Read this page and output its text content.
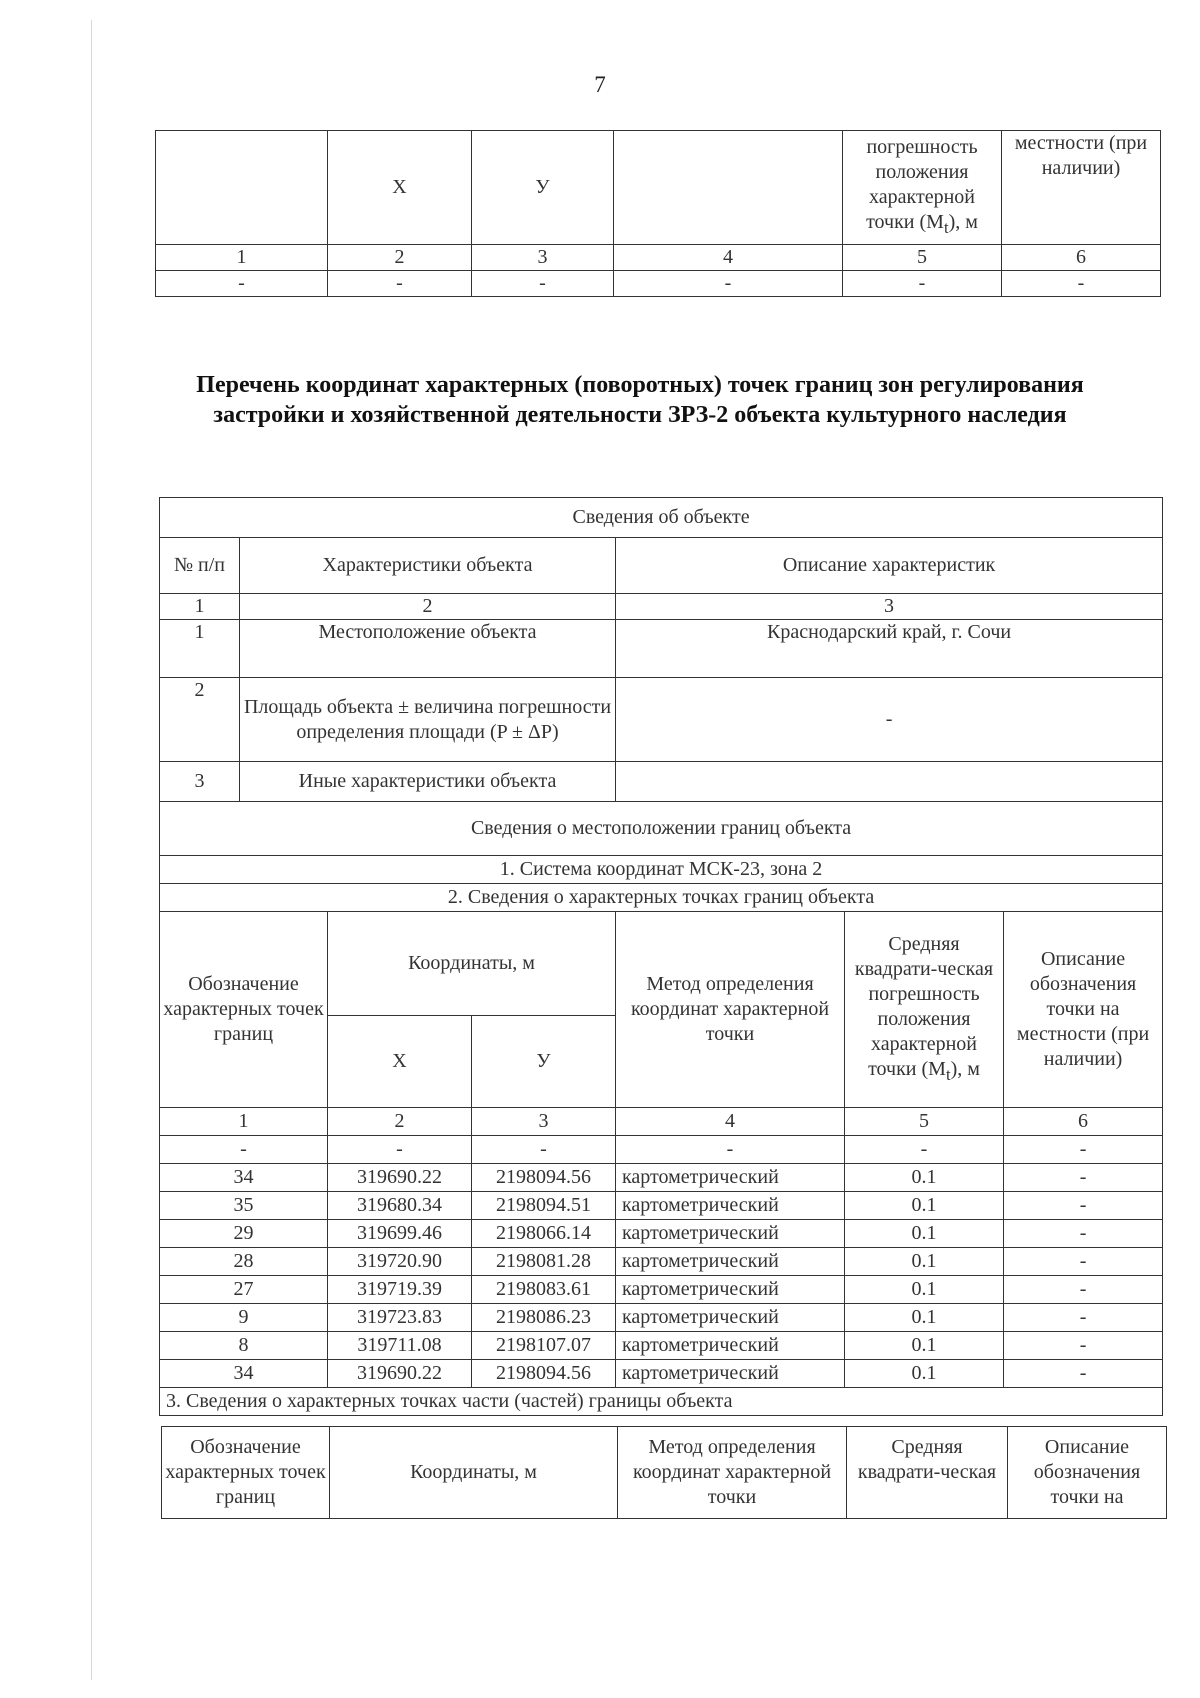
7
	Х	У		погрешность положения характерной точки $(M_t)$, м	местности (при наличии)
1	2	3	4	5	6
-	-	-	-	-	-
Перечень координат характерных (поворотных) точек границ зон регулирования застройки и хозяйственной деятельности ЗРЗ-2 объекта культурного наследия
Сведения об объекте						
№ п/п	Характеристики объекта			Описание характеристик		
1	2			3		
1	Местоположение объекта			Краснодарский край, г. Сочи		
2	Площадь объекта ± величина погрешности определения площади (P ± ΔP)			-		
3	Иные характеристики объекта					
Сведения о местоположении границ объекта						
1. Система координат МСК-23, зона 2						
2. Сведения о характерных точках границ объекта						
Обозначение характерных точек границ		Координаты, м		Метод определения координат характерной точки	Средняя квадрати-ческая погрешность положения характерной точки $(M_t)$, м	Описание обозначения точки на местности (при наличии)
		Х	У			
1		2	3	4	5	6
-		-	-	-	-	-
34		319690.22	2198094.56	картометрический	0.1	-
35		319680.34	2198094.51	картометрический	0.1	-
29		319699.46	2198066.14	картометрический	0.1	-
28		319720.90	2198081.28	картометрический	0.1	-
27		319719.39	2198083.61	картометрический	0.1	-
9		319723.83	2198086.23	картометрический	0.1	-
8		319711.08	2198107.07	картометрический	0.1	-
34		319690.22	2198094.56	картометрический	0.1	-
3. Сведения о характерных точках части (частей) границы объекта						
Обозначение характерных точек границ	Координаты, м	Метод определения координат характерной точки	Средняя квадрати-ческая	Описание обозначения точки на
